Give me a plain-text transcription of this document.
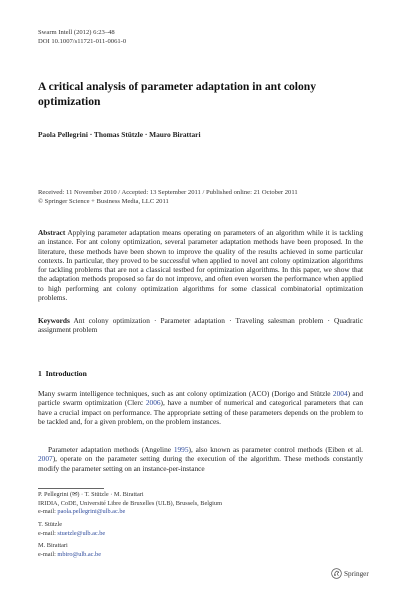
Swarm Intell (2012) 6:23–48
DOI 10.1007/s11721-011-0061-0
A critical analysis of parameter adaptation in ant colony
optimization
Paola Pellegrini · Thomas Stützle · Mauro Birattari
Received: 11 November 2010 / Accepted: 13 September 2011 / Published online: 21 October 2011
© Springer Science + Business Media, LLC 2011
Abstract Applying parameter adaptation means operating on parameters of an algorithm while it is tackling an instance. For ant colony optimization, several parameter adaptation methods have been proposed. In the literature, these methods have been shown to improve the quality of the results achieved in some particular contexts. In particular, they proved to be successful when applied to novel ant colony optimization algorithms for tackling problems that are not a classical testbed for optimization algorithms. In this paper, we show that the adaptation methods proposed so far do not improve, and often even worsen the performance when applied to high performing ant colony optimization algorithms for some classical combinatorial optimization problems.
Keywords Ant colony optimization · Parameter adaptation · Traveling salesman problem · Quadratic assignment problem
1 Introduction
Many swarm intelligence techniques, such as ant colony optimization (ACO) (Dorigo and Stützle 2004) and particle swarm optimization (Clerc 2006), have a number of numerical and categorical parameters that can have a crucial impact on performance. The appropriate setting of these parameters depends on the problem to be tackled and, for a given problem, on the problem instances.
Parameter adaptation methods (Angeline 1995), also known as parameter control methods (Eiben et al. 2007), operate on the parameter setting during the execution of the algorithm. These methods constantly modify the parameter setting on an instance-per-instance
P. Pellegrini (✉) · T. Stützle · M. Birattari
IRIDIA, CoDE, Université Libre de Bruxelles (ULB), Brussels, Belgium
e-mail: paola.pellegrini@ulb.ac.be
T. Stützle
e-mail: stuetzle@ulb.ac.be
M. Birattari
e-mail: mbiro@ulb.ac.be
Springer
